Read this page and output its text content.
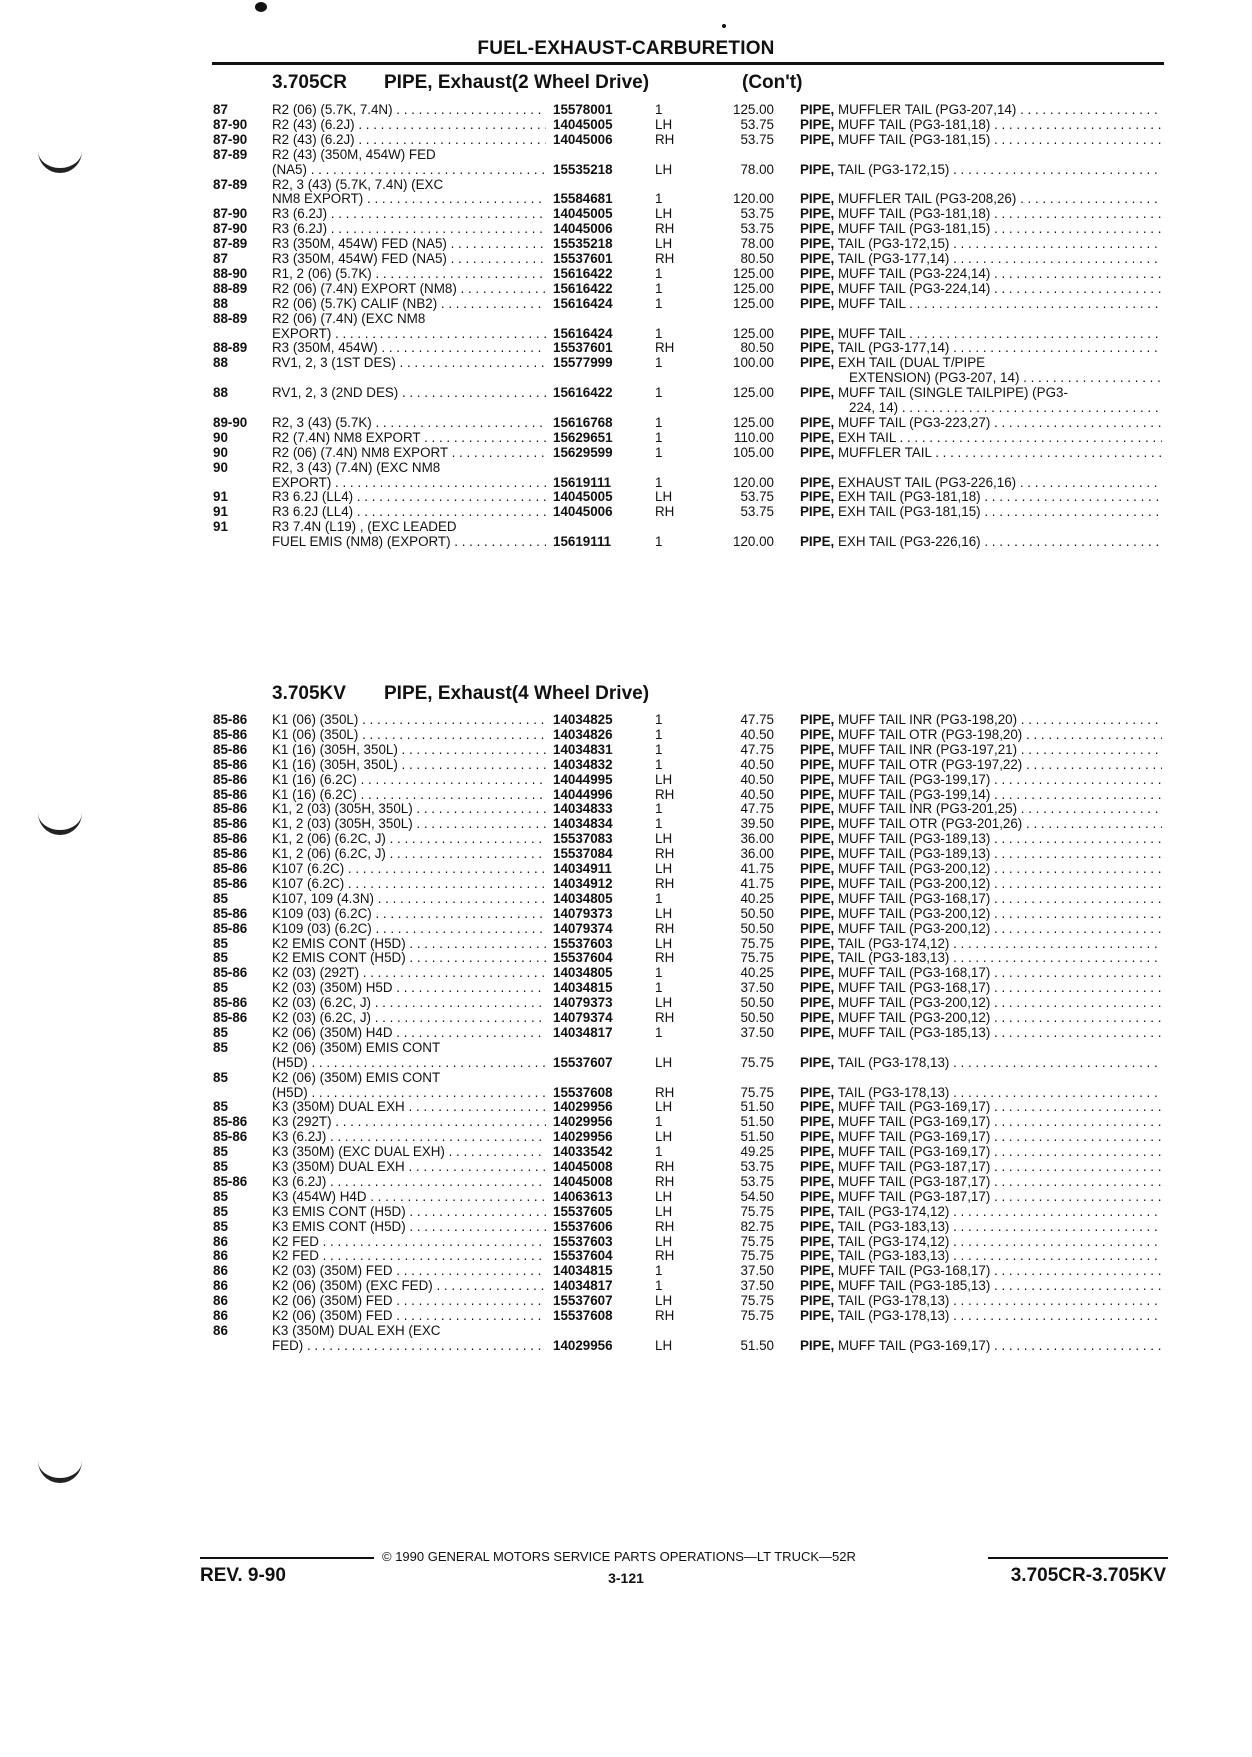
FUEL-EXHAUST-CARBURETION
3.705CR PIPE, Exhaust(2 Wheel Drive)	(Con't)
87	R2 (06) (5.7K, 7.4N) . . .	15578001	1	125.00 PIPE, MUFFLER TAIL (PG3-207,14) . . .
87-90 R2 (43) (6.2J) . . .	14045005	LH	53.75 PIPE, MUFF TAIL (PG3-181,18) . . .
87-90 R2 (43) (6.2J) . . .	14045006	RH	53.75 PIPE, MUFF TAIL (PG3-181,15) . . .
87-89 R2 (43) (350M, 454W) FED
(NA5) . . .	15535218	LH	78.00 PIPE, TAIL (PG3-172,15) . . .
87-89 R2, 3 (43) (5.7K, 7.4N) (EXC
NM8 EXPORT) . . .	15584681	1	120.00 PIPE, MUFFLER TAIL (PG3-208,26) . . .
87-90 R3 (6.2J) . . .	14045005	LH	53.75 PIPE, MUFF TAIL (PG3-181,18) . . .
87-90 R3 (6.2J) . . .	14045006	RH	53.75 PIPE, MUFF TAIL (PG3-181,15) . . .
87-89 R3 (350M, 454W) FED (NA5) . . .	15535218	LH	78.00 PIPE, TAIL (PG3-172,15) . . .
87	R3 (350M, 454W) FED (NA5) . . .	15537601	RH	80.50 PIPE, TAIL (PG3-177,14) . . .
88-90 R1, 2 (06) (5.7K) . . .	15616422	1	125.00 PIPE, MUFF TAIL (PG3-224,14) . . .
88-89 R2 (06) (7.4N) EXPORT (NM8) . . .	15616422	1	125.00 PIPE, MUFF TAIL (PG3-224,14) . . .
88	R2 (06) (5.7K) CALIF (NB2) . . .	15616424	1	125.00 PIPE, MUFF TAIL . . .
88-89 R2 (06) (7.4N) (EXC NM8
EXPORT) . . .	15616424	1	125.00 PIPE, MUFF TAIL . . .
88-89 R3 (350M, 454W) . . .	15537601	RH	80.50 PIPE, TAIL (PG3-177,14) . . .
88	RV1, 2, 3 (1ST DES) . . .	15577999	1	100.00 PIPE, EXH TAIL (DUAL T/PIPE
EXTENSION) (PG3-207, 14) . . .
88	RV1, 2, 3 (2ND DES) . . .	15616422	1	125.00 PIPE, MUFF TAIL (SINGLE TAILPIPE) (PG3-
224, 14) . . .
89-90 R2, 3 (43) (5.7K) . . .	15616768	1	125.00 PIPE, MUFF TAIL (PG3-223,27) . . .
90	R2 (7.4N) NM8 EXPORT . . .	15629651	1	110.00 PIPE, EXH TAIL . . .
90	R2 (06) (7.4N) NM8 EXPORT . . .	15629599	1	105.00 PIPE, MUFFLER TAIL . . .
90	R2, 3 (43) (7.4N) (EXC NM8
EXPORT) . . .	15619111	1	120.00 PIPE, EXHAUST TAIL (PG3-226,16) . . .
91	R3 6.2J (LL4) . . .	14045005	LH	53.75 PIPE, EXH TAIL (PG3-181,18) . . .
91	R3 6.2J (LL4) . . .	14045006	RH	53.75 PIPE, EXH TAIL (PG3-181,15) . . .
91	R3 7.4N (L19) , (EXC LEADED
FUEL EMIS (NM8) (EXPORT) . . .	15619111	1	120.00 PIPE, EXH TAIL (PG3-226,16) . . .
3.705KV PIPE, Exhaust(4 Wheel Drive)
85-86 K1 (06) (350L) . . .	14034825	1	47.75 PIPE, MUFF TAIL INR (PG3-198,20) . . .
85-86 K1 (06) (350L) . . .	14034826	1	40.50 PIPE, MUFF TAIL OTR (PG3-198,20) . . .
85-86 K1 (16) (305H, 350L) . . .	14034831	1	47.75 PIPE, MUFF TAIL INR (PG3-197,21) . . .
85-86 K1 (16) (305H, 350L) . . .	14034832	1	40.50 PIPE, MUFF TAIL OTR (PG3-197,22) . . .
85-86 K1 (16) (6.2C) . . .	14044995	LH	40.50 PIPE, MUFF TAIL (PG3-199,17) . . .
85-86 K1 (16) (6.2C) . . .	14044996	RH	40.50 PIPE, MUFF TAIL (PG3-199,14) . . .
85-86 K1, 2 (03) (305H, 350L) . . .	14034833	1	47.75 PIPE, MUFF TAIL INR (PG3-201,25) . . .
85-86 K1, 2 (03) (305H, 350L) . . .	14034834	1	39.50 PIPE, MUFF TAIL OTR (PG3-201,26) . . .
85-86 K1, 2 (06) (6.2C, J) . . .	15537083	LH	36.00 PIPE, MUFF TAIL (PG3-189,13) . . .
85-86 K1, 2 (06) (6.2C, J) . . .	15537084	RH	36.00 PIPE, MUFF TAIL (PG3-189,13) . . .
85-86 K107 (6.2C) . . .	14034911	LH	41.75 PIPE, MUFF TAIL (PG3-200,12) . . .
85-86 K107 (6.2C) . . .	14034912	RH	41.75 PIPE, MUFF TAIL (PG3-200,12) . . .
85	K107, 109 (4.3N) . . .	14034805	1	40.25 PIPE, MUFF TAIL (PG3-168,17) . . .
85-86 K109 (03) (6.2C) . . .	14079373	LH	50.50 PIPE, MUFF TAIL (PG3-200,12) . . .
85-86 K109 (03) (6.2C) . . .	14079374	RH	50.50 PIPE, MUFF TAIL (PG3-200,12) . . .
85	K2 EMIS CONT (H5D) . . .	15537603	LH	75.75 PIPE, TAIL (PG3-174,12) . . .
85	K2 EMIS CONT (H5D) . . .	15537604	RH	75.75 PIPE, TAIL (PG3-183,13) . . .
85-86 K2 (03) (292T) . . .	14034805	1	40.25 PIPE, MUFF TAIL (PG3-168,17) . . .
85	K2 (03) (350M) H5D . . .	14034815	1	37.50 PIPE, MUFF TAIL (PG3-168,17) . . .
85-86 K2 (03) (6.2C, J) . . .	14079373	LH	50.50 PIPE, MUFF TAIL (PG3-200,12) . . .
85-86 K2 (03) (6.2C, J) . . .	14079374	RH	50.50 PIPE, MUFF TAIL (PG3-200,12) . . .
85	K2 (06) (350M) H4D . . .	14034817	1	37.50 PIPE, MUFF TAIL (PG3-185,13) . . .
85	K2 (06) (350M) EMIS CONT
(H5D) . . .	15537607	LH	75.75 PIPE, TAIL (PG3-178,13) . . .
85	K2 (06) (350M) EMIS CONT
(H5D) . . .	15537608	RH	75.75 PIPE, TAIL (PG3-178,13) . . .
85	K3 (350M) DUAL EXH . . .	14029956	LH	51.50 PIPE, MUFF TAIL (PG3-169,17) . . .
85-86 K3 (292T) . . .	14029956	1	51.50 PIPE, MUFF TAIL (PG3-169,17) . . .
85-86 K3 (6.2J) . . .	14029956	LH	51.50 PIPE, MUFF TAIL (PG3-169,17) . . .
85	K3 (350M) (EXC DUAL EXH) . . .	14033542	1	49.25 PIPE, MUFF TAIL (PG3-169,17) . . .
85	K3 (350M) DUAL EXH . . .	14045008	RH	53.75 PIPE, MUFF TAIL (PG3-187,17) . . .
85-86 K3 (6.2J) . . .	14045008	RH	53.75 PIPE, MUFF TAIL (PG3-187,17) . . .
85	K3 (454W) H4D . . .	14063613	LH	54.50 PIPE, MUFF TAIL (PG3-187,17) . . .
85	K3 EMIS CONT (H5D) . . .	15537605	LH	75.75 PIPE, TAIL (PG3-174,12) . . .
85	K3 EMIS CONT (H5D) . . .	15537606	RH	82.75 PIPE, TAIL (PG3-183,13) . . .
86	K2 FED . . .	15537603	LH	75.75 PIPE, TAIL (PG3-174,12) . . .
86	K2 FED . . .	15537604	RH	75.75 PIPE, TAIL (PG3-183,13) . . .
86	K2 (03) (350M) FED . . .	14034815	1	37.50 PIPE, MUFF TAIL (PG3-168,17) . . .
86	K2 (06) (350M) (EXC FED) . . .	14034817	1	37.50 PIPE, MUFF TAIL (PG3-185,13) . . .
86	K2 (06) (350M) FED . . .	15537607	LH	75.75 PIPE, TAIL (PG3-178,13) . . .
86	K2 (06) (350M) FED . . .	15537608	RH	75.75 PIPE, TAIL (PG3-178,13) . . .
86	K3 (350M) DUAL EXH (EXC
FED) . . .	14029956	LH	51.50 PIPE, MUFF TAIL (PG3-169,17) . . .
© 1990 GENERAL MOTORS SERVICE PARTS OPERATIONS—LT TRUCK—52R
REV. 9-90	3-121	3.705CR-3.705KV
